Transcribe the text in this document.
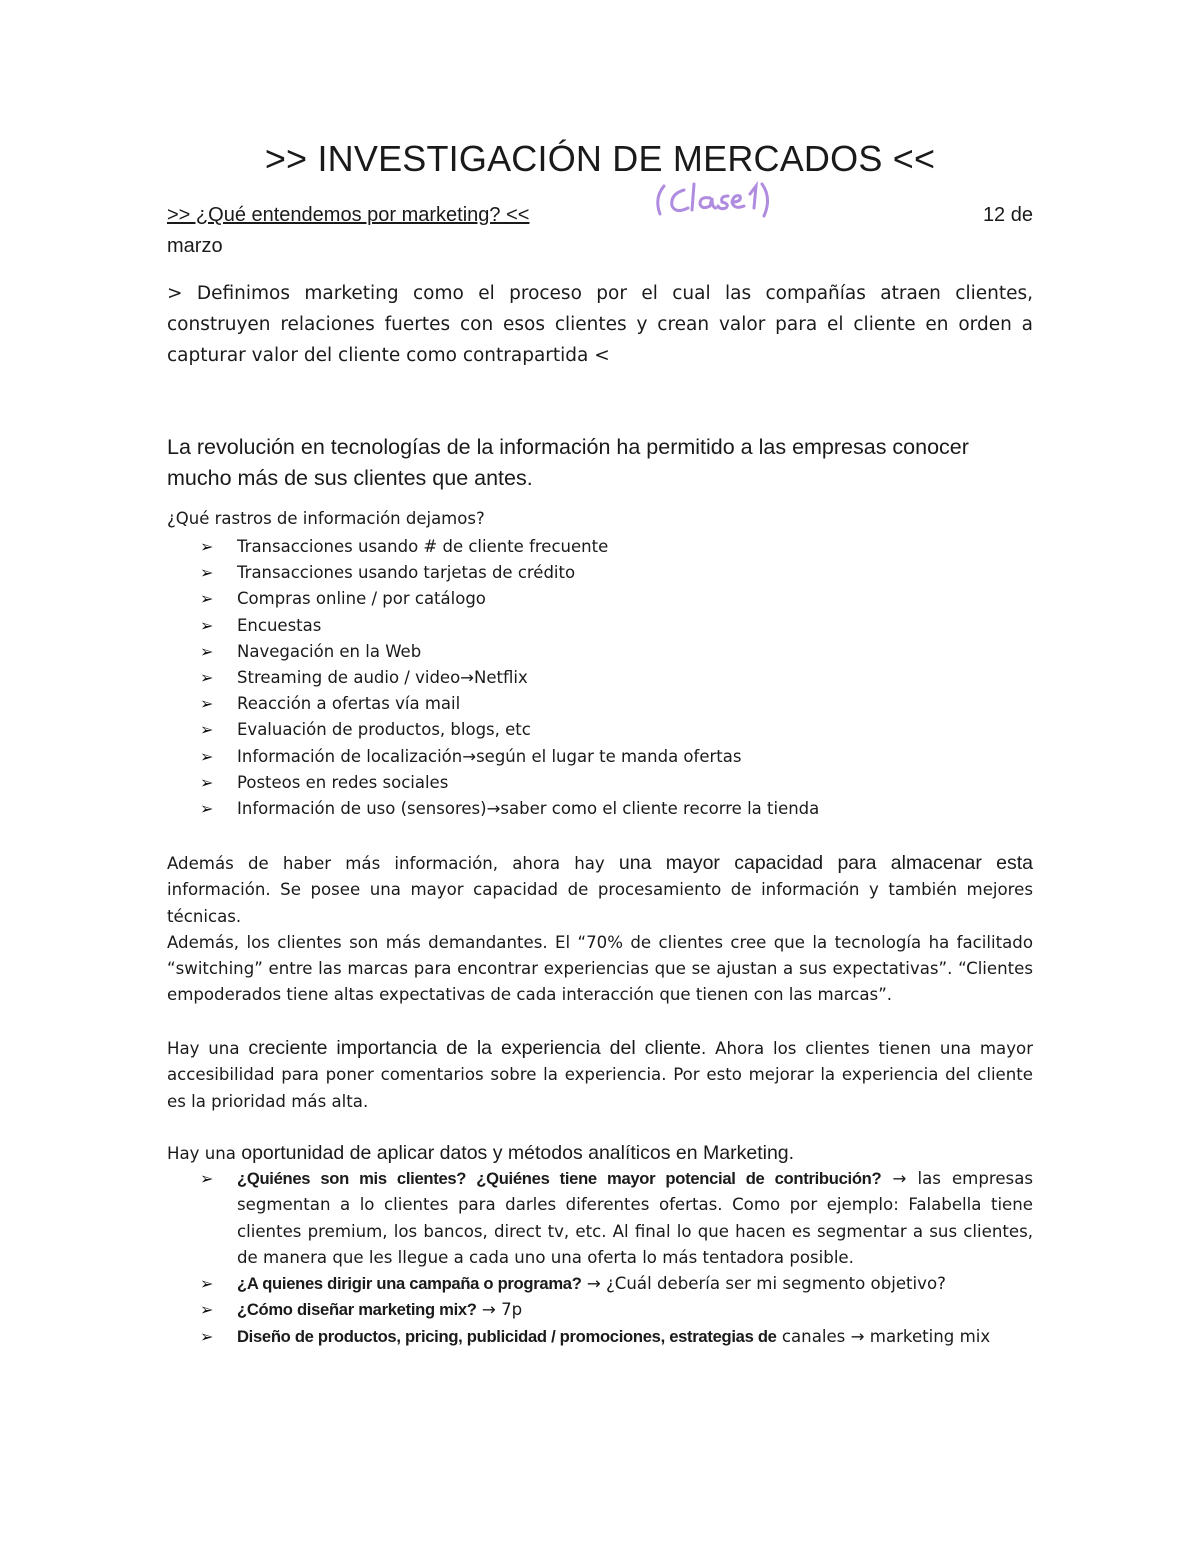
>> INVESTIGACIÓN DE MERCADOS <<
>> ¿Qué entendemos por marketing? <<	12 de
marzo
> Definimos marketing como el proceso por el cual las compañías atraen clientes, construyen relaciones fuertes con esos clientes y crean valor para el cliente en orden a capturar valor del cliente como contrapartida <
La revolución en tecnologías de la información ha permitido a las empresas conocer mucho más de sus clientes que antes.
¿Qué rastros de información dejamos?
➢	Transacciones usando # de cliente frecuente
➢	Transacciones usando tarjetas de crédito
➢	Compras online / por catálogo
➢	Encuestas
➢	Navegación en la Web
➢	Streaming de audio / video → Netflix
➢	Reacción a ofertas vía mail
➢	Evaluación de productos, blogs, etc
➢	Información de localización → según el lugar te manda ofertas
➢	Posteos en redes sociales
➢	Información de uso (sensores) → saber como el cliente recorre la tienda
Además de haber más información, ahora hay una mayor capacidad para almacenar esta información. Se posee una mayor capacidad de procesamiento de información y también mejores técnicas.
Además, los clientes son más demandantes. El “70% de clientes cree que la tecnología ha facilitado “switching” entre las marcas para encontrar experiencias que se ajustan a sus expectativas”. “Clientes empoderados tiene altas expectativas de cada interacción que tienen con las marcas”.
Hay una creciente importancia de la experiencia del cliente. Ahora los clientes tienen una mayor accesibilidad para poner comentarios sobre la experiencia. Por esto mejorar la experiencia del cliente es la prioridad más alta.
Hay una oportunidad de aplicar datos y métodos analíticos en Marketing.
➢	¿Quiénes son mis clientes? ¿Quiénes tiene mayor potencial de contribución? → las empresas segmentan a lo clientes para darles diferentes ofertas. Como por ejemplo: Falabella tiene clientes premium, los bancos, direct tv, etc. Al final lo que hacen es segmentar a sus clientes, de manera que les llegue a cada uno una oferta lo más tentadora posible.
➢	¿A quienes dirigir una campaña o programa? → ¿Cuál debería ser mi segmento objetivo?
➢	¿Cómo diseñar marketing mix? → 7p
➢	Diseño de productos, pricing, publicidad / promociones, estrategias de canales → marketing mix
